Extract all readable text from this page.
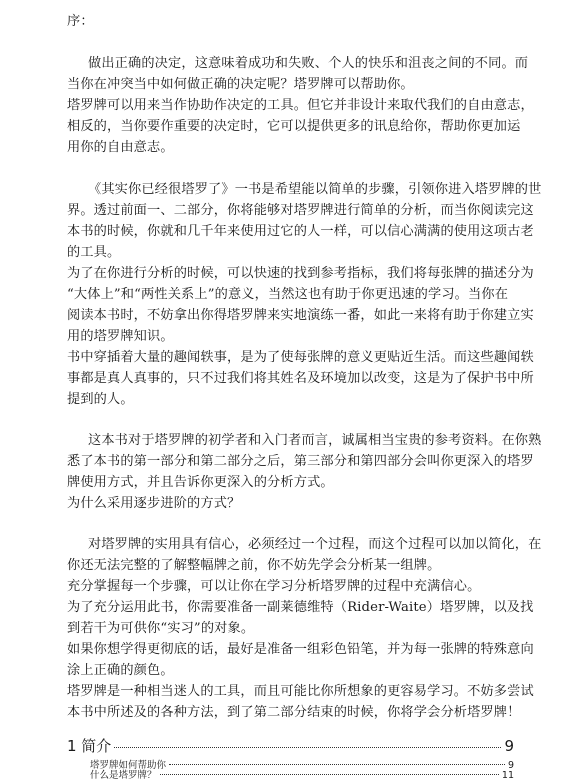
序：
做出正确的决定，这意味着成功和失败、个人的快乐和沮丧之间的不同。而
当你在冲突当中如何做正确的决定呢？塔罗牌可以帮助你。
塔罗牌可以用来当作协助作决定的工具。但它并非设计来取代我们的自由意志，
相反的，当你要作重要的决定时，它可以提供更多的讯息给你，帮助你更加运
用你的自由意志。
《其实你已经很塔罗了》一书是希望能以简单的步骤，引领你进入塔罗牌的世
界。透过前面一、二部分，你将能够对塔罗牌进行简单的分析，而当你阅读完这
本书的时候，你就和几千年来使用过它的人一样，可以信心满满的使用这项古老
的工具。
为了在你进行分析的时候，可以快速的找到参考指标，我们将每张牌的描述分为
“大体上”和“两性关系上”的意义，当然这也有助于你更迅速的学习。当你在
阅读本书时，不妨拿出你得塔罗牌来实地演练一番，如此一来将有助于你建立实
用的塔罗牌知识。
书中穿插着大量的趣闻轶事，是为了使每张牌的意义更贴近生活。而这些趣闻轶
事都是真人真事的，只不过我们将其姓名及环境加以改变，这是为了保护书中所
提到的人。
这本书对于塔罗牌的初学者和入门者而言，诚属相当宝贵的参考资料。在你熟
悉了本书的第一部分和第二部分之后，第三部分和第四部分会叫你更深入的塔罗
牌使用方式，并且告诉你更深入的分析方式。
为什么采用逐步进阶的方式？
对塔罗牌的实用具有信心，必须经过一个过程，而这个过程可以加以简化，在
你还无法完整的了解整幅牌之前，你不妨先学会分析某一组牌。
充分掌握每一个步骤，可以让你在学习分析塔罗牌的过程中充满信心。
为了充分运用此书，你需要准备一副莱德维特（Rider-Waite）塔罗牌，以及找
到若干为可供你“实习”的对象。
如果你想学得更彻底的话，最好是准备一组彩色铅笔，并为每一张牌的特殊意向
涂上正确的颜色。
塔罗牌是一种相当迷人的工具，而且可能比你所想象的更容易学习。不妨多尝试
本书中所述及的各种方法，到了第二部分结束的时候，你将学会分析塔罗牌！
1 简介	9
塔罗牌如何帮助你	9
什么是塔罗牌？	11
